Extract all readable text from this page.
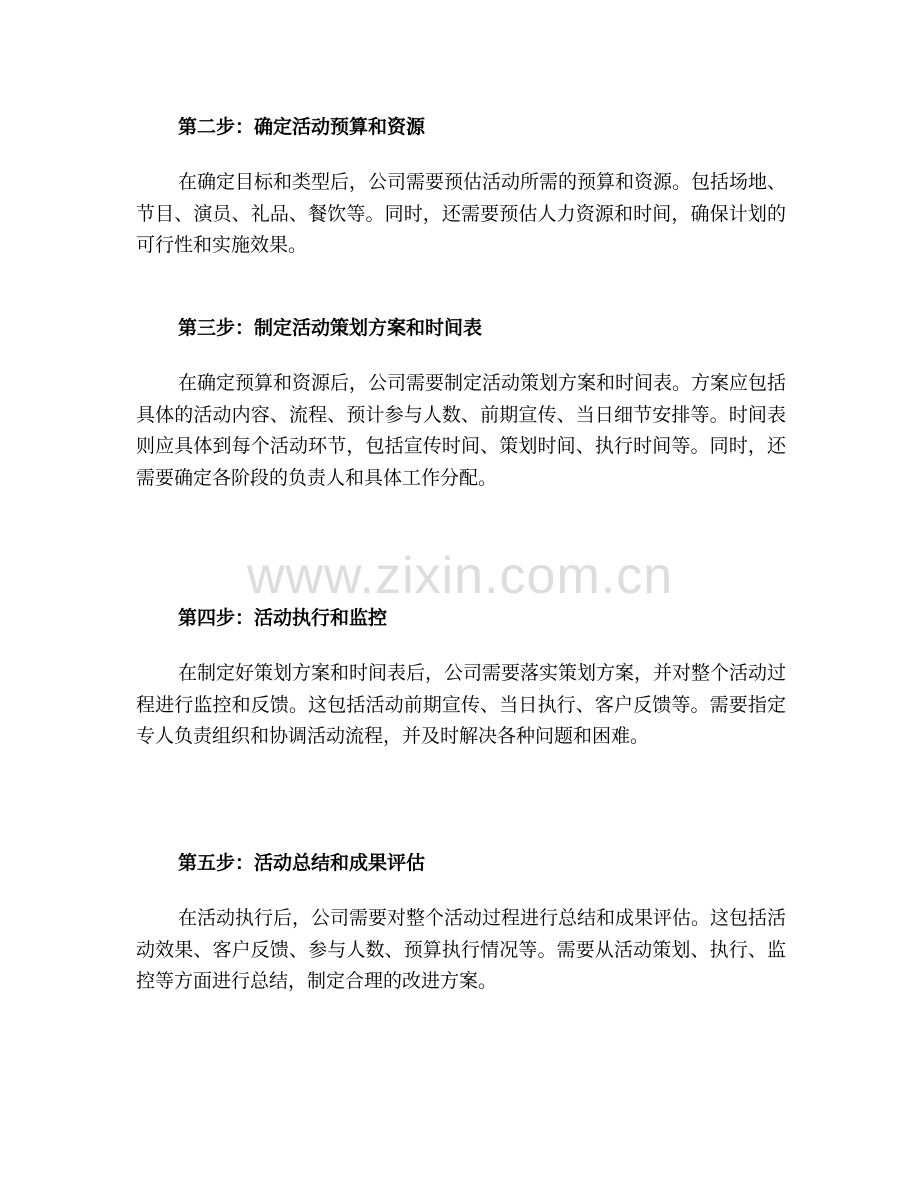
第二步：确定活动预算和资源

在确定目标和类型后，公司需要预估活动所需的预算和资源。包括场地、节目、演员、礼品、餐饮等。同时，还需要预估人力资源和时间，确保计划的可行性和实施效果。

第三步：制定活动策划方案和时间表

在确定预算和资源后，公司需要制定活动策划方案和时间表。方案应包括具体的活动内容、流程、预计参与人数、前期宣传、当日细节安排等。时间表则应具体到每个活动环节，包括宣传时间、策划时间、执行时间等。同时，还需要确定各阶段的负责人和具体工作分配。

第四步：活动执行和监控

在制定好策划方案和时间表后，公司需要落实策划方案，并对整个活动过程进行监控和反馈。这包括活动前期宣传、当日执行、客户反馈等。需要指定专人负责组织和协调活动流程，并及时解决各种问题和困难。

第五步：活动总结和成果评估

在活动执行后，公司需要对整个活动过程进行总结和成果评估。这包括活动效果、客户反馈、参与人数、预算执行情况等。需要从活动策划、执行、监控等方面进行总结，制定合理的改进方案。

www.zixin.com.cn
